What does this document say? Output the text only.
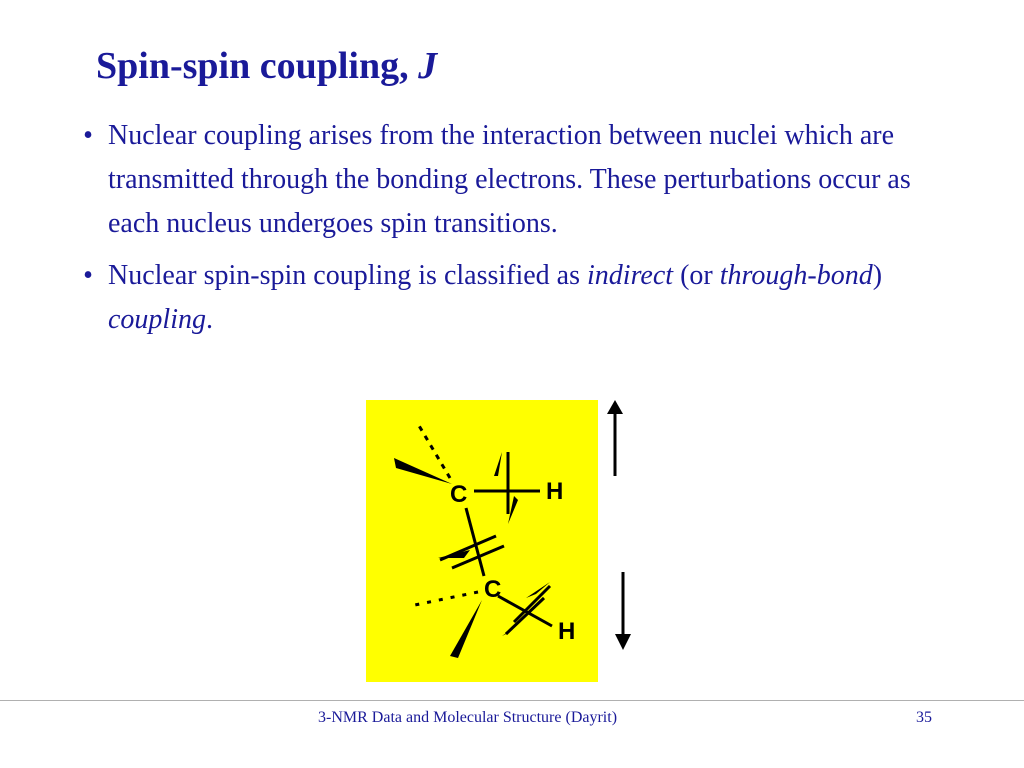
Spin-spin coupling, J
• Nuclear coupling arises from the interaction between nuclei which are transmitted through the bonding electrons. These perturbations occur as each nucleus undergoes spin transitions.
• Nuclear spin-spin coupling is classified as indirect (or through-bond) coupling.
C	H
C
H
3-NMR Data and Molecular Structure (Dayrit)	35
